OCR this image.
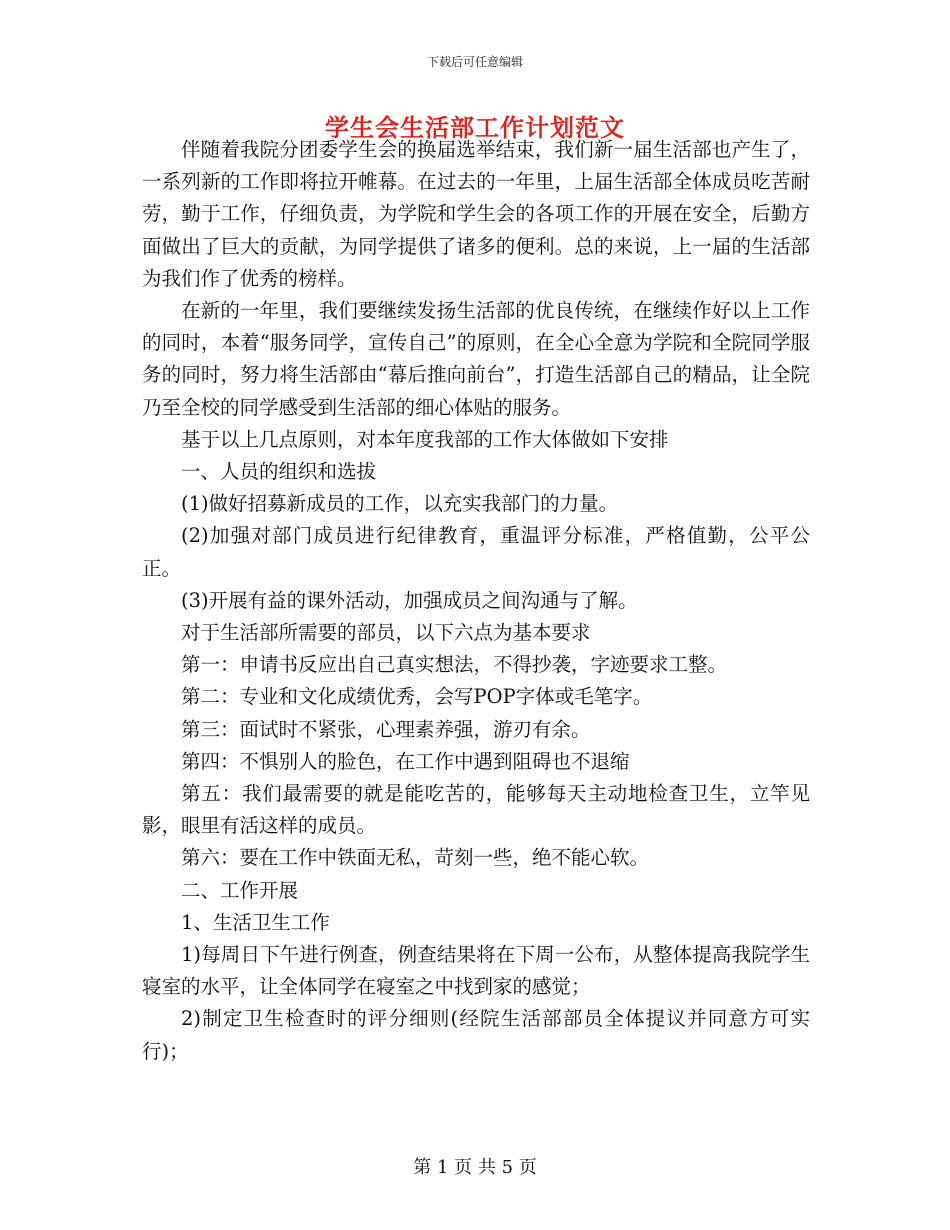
下载后可任意编辑
学生会生活部工作计划范文

伴随着我院分团委学生会的换届选举结束，我们新一届生活部也产生了，一系列新的工作即将拉开帷幕。在过去的一年里，上届生活部全体成员吃苦耐劳，勤于工作，仔细负责，为学院和学生会的各项工作的开展在安全，后勤方面做出了巨大的贡献，为同学提供了诸多的便利。总的来说，上一届的生活部为我们作了优秀的榜样。

在新的一年里，我们要继续发扬生活部的优良传统，在继续作好以上工作的同时，本着“服务同学，宣传自己”的原则，在全心全意为学院和全院同学服务的同时，努力将生活部由“幕后推向前台”，打造生活部自己的精品，让全院乃至全校的同学感受到生活部的细心体贴的服务。

基于以上几点原则，对本年度我部的工作大体做如下安排

一、人员的组织和选拔

(1)做好招募新成员的工作，以充实我部门的力量。

(2)加强对部门成员进行纪律教育，重温评分标准，严格值勤，公平公正。

(3)开展有益的课外活动，加强成员之间沟通与了解。

对于生活部所需要的部员，以下六点为基本要求

第一：申请书反应出自己真实想法，不得抄袭，字迹要求工整。

第二：专业和文化成绩优秀，会写POP字体或毛笔字。

第三：面试时不紧张，心理素养强，游刃有余。

第四：不惧别人的脸色，在工作中遇到阻碍也不退缩

第五：我们最需要的就是能吃苦的，能够每天主动地检查卫生，立竿见影，眼里有活这样的成员。

第六：要在工作中铁面无私，苛刻一些，绝不能心软。

二、工作开展

1、生活卫生工作

1)每周日下午进行例查，例查结果将在下周一公布，从整体提高我院学生寝室的水平，让全体同学在寝室之中找到家的感觉；

2)制定卫生检查时的评分细则(经院生活部部员全体提议并同意方可实行)；

第 1 页 共 5 页
